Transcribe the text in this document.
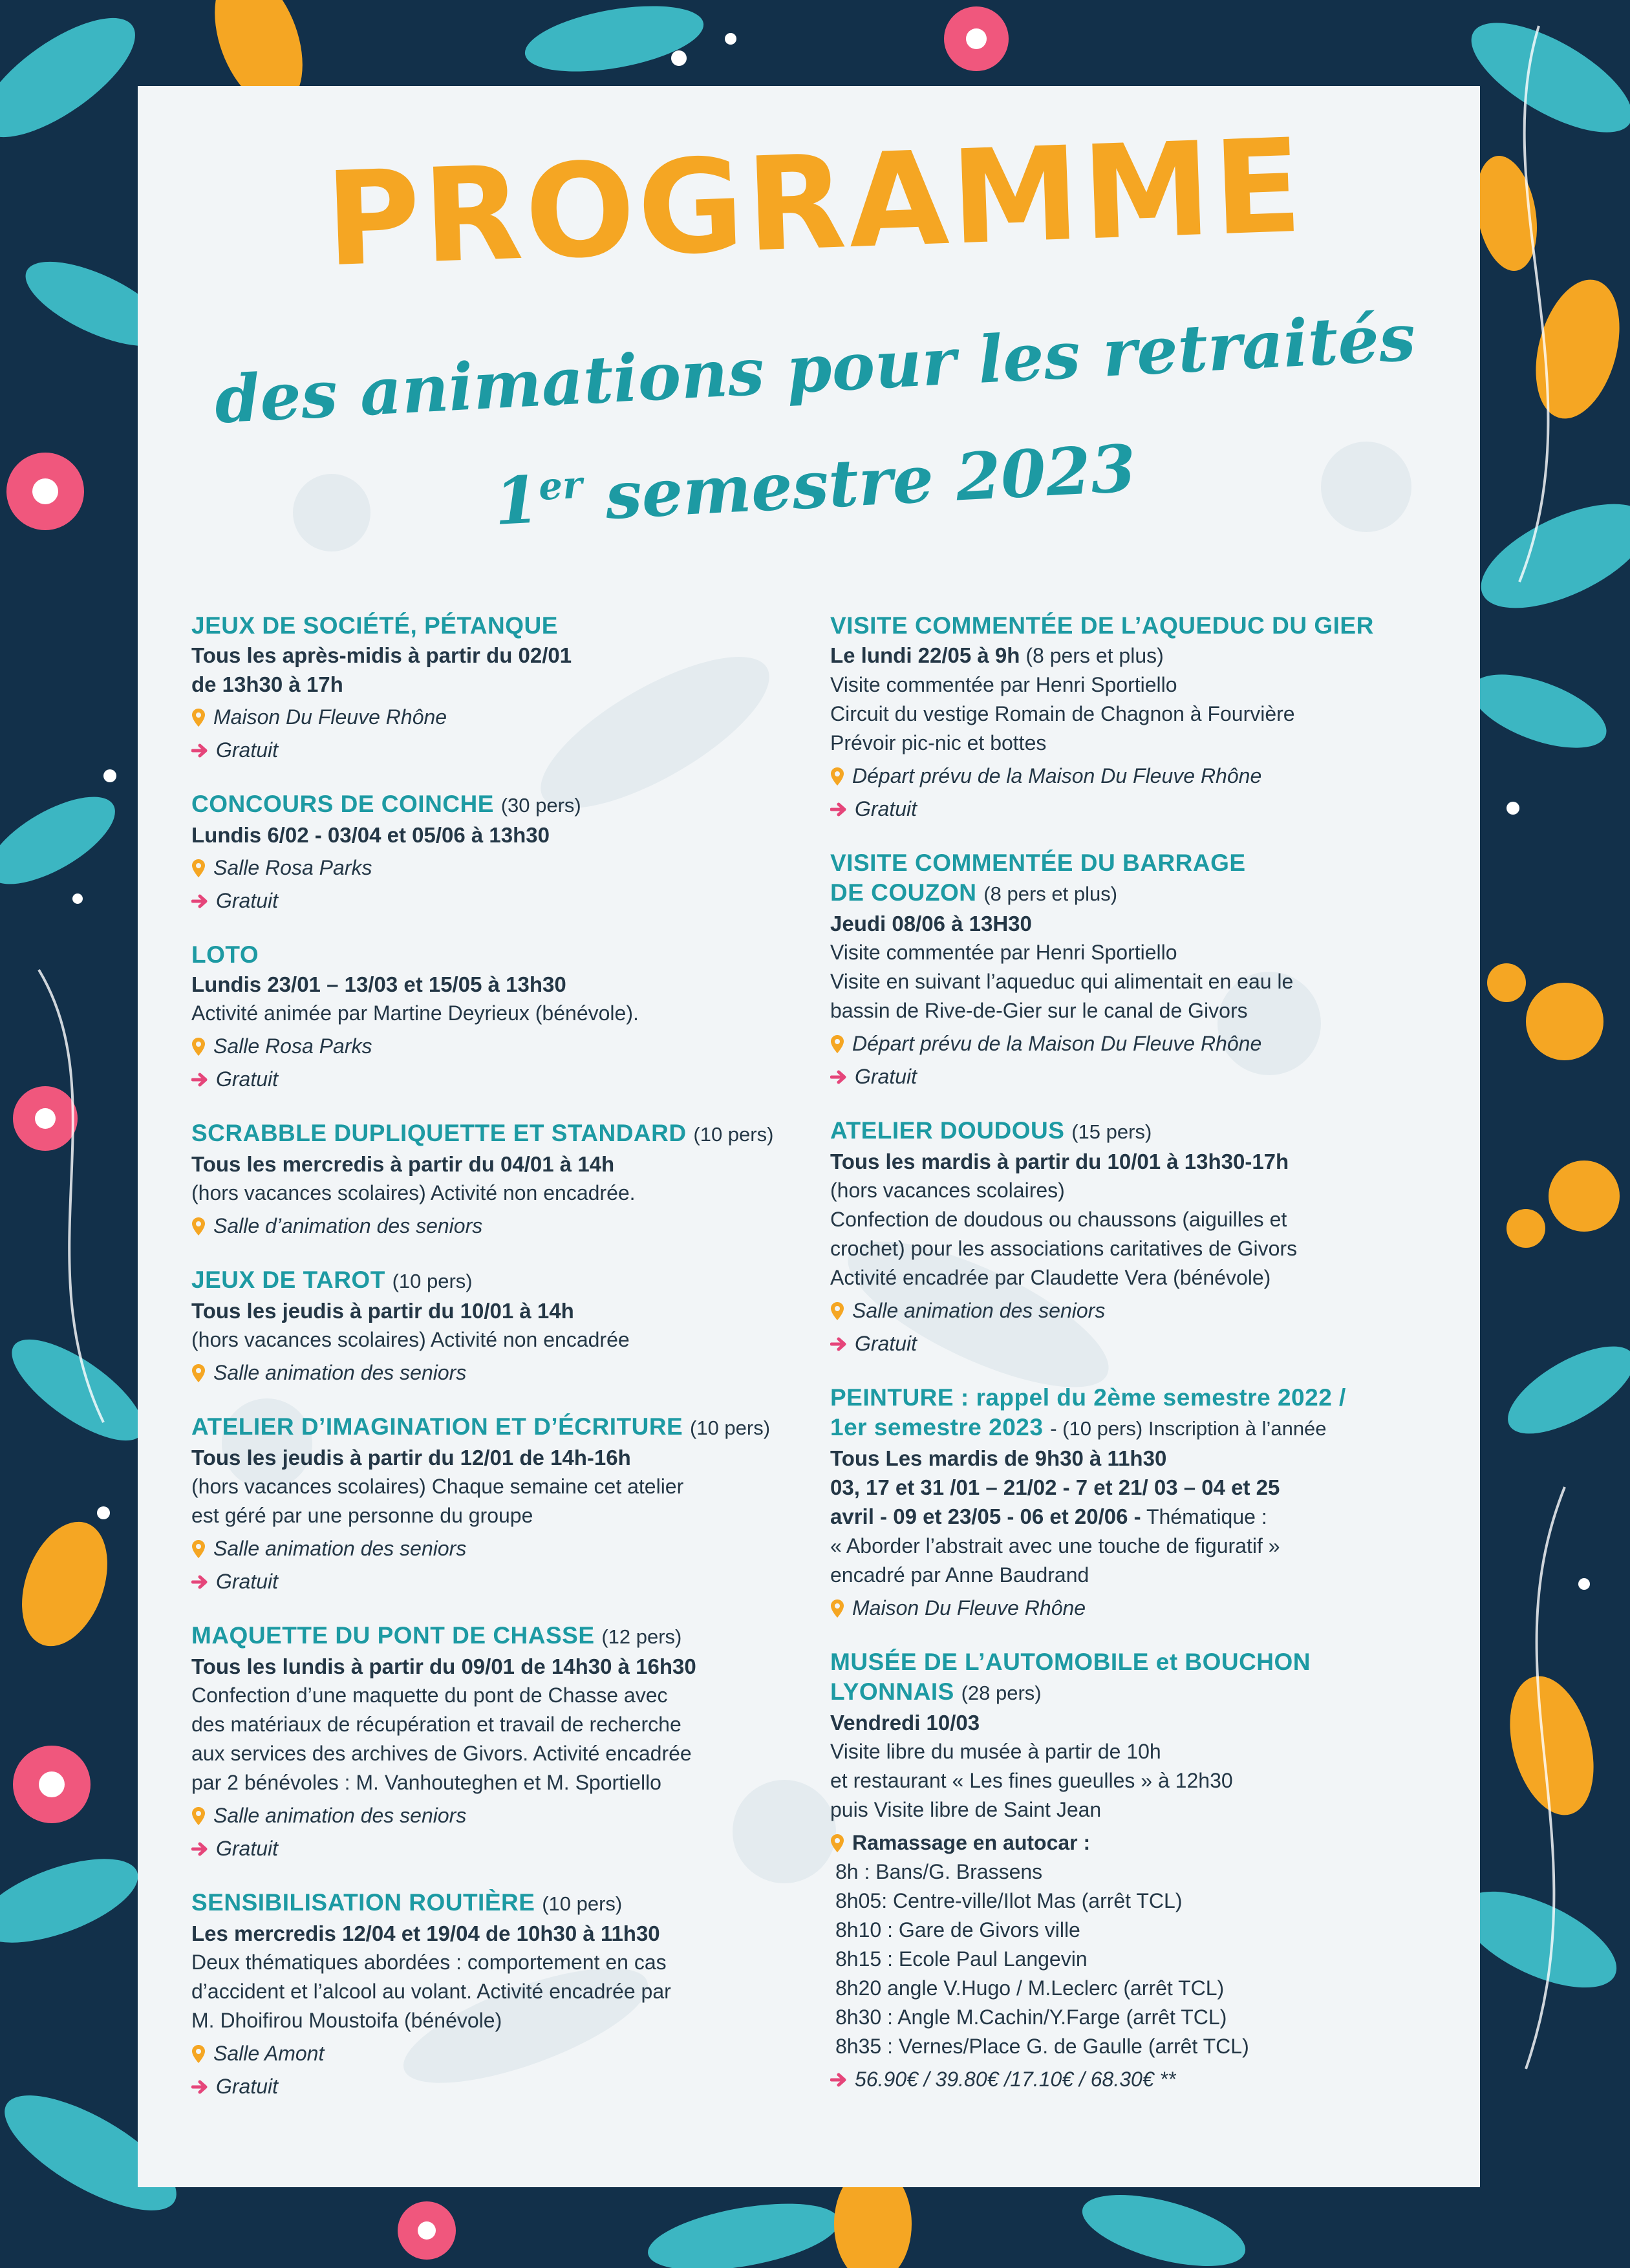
PROGRAMME
des animations pour les retraités
1er semestre 2023
JEUX DE SOCIÉTÉ, PÉTANQUE
Tous les après-midis à partir du 02/01
de 13h30 à 17h
Maison Du Fleuve Rhône
Gratuit
CONCOURS DE COINCHE (30 pers)
Lundis 6/02 - 03/04 et 05/06 à 13h30
Salle Rosa Parks
Gratuit
LOTO
Lundis 23/01 – 13/03 et 15/05 à 13h30
Activité animée par Martine Deyrieux (bénévole).
Salle Rosa Parks
Gratuit
SCRABBLE DUPLIQUETTE ET STANDARD (10 pers)
Tous les mercredis à partir du 04/01 à 14h
(hors vacances scolaires) Activité non encadrée.
Salle d’animation des seniors
JEUX DE TAROT (10 pers)
Tous les jeudis à partir du 10/01 à 14h
(hors vacances scolaires) Activité non encadrée
Salle animation des seniors
ATELIER D’IMAGINATION ET D’ÉCRITURE (10 pers)
Tous les jeudis à partir du 12/01 de 14h-16h
(hors vacances scolaires) Chaque semaine cet atelier
est géré par une personne du groupe
Salle animation des seniors
Gratuit
MAQUETTE DU PONT DE CHASSE (12 pers)
Tous les lundis à partir du 09/01 de 14h30 à 16h30
Confection d’une maquette du pont de Chasse avec
des matériaux de récupération et travail de recherche
aux services des archives de Givors. Activité encadrée
par 2 bénévoles : M. Vanhouteghen et M. Sportiello
Salle animation des seniors
Gratuit
SENSIBILISATION ROUTIÈRE (10 pers)
Les mercredis 12/04 et 19/04 de 10h30 à 11h30
Deux thématiques abordées : comportement en cas
d’accident et l’alcool au volant. Activité encadrée par
M. Dhoifirou Moustoifa (bénévole)
Salle Amont
Gratuit
VISITE COMMENTÉE DE L’AQUEDUC DU GIER
Le lundi 22/05 à 9h (8 pers et plus)
Visite commentée par Henri Sportiello
Circuit du vestige Romain de Chagnon à Fourvière
Prévoir pic-nic et bottes
Départ prévu de la Maison Du Fleuve Rhône
Gratuit
VISITE COMMENTÉE DU BARRAGE
DE COUZON (8 pers et plus)
Jeudi 08/06 à 13H30
Visite commentée par Henri Sportiello
Visite en suivant l’aqueduc qui alimentait en eau le
bassin de Rive-de-Gier sur le canal de Givors
Départ prévu de la Maison Du Fleuve Rhône
Gratuit
ATELIER DOUDOUS (15 pers)
Tous les mardis à partir du 10/01 à 13h30-17h
(hors vacances scolaires)
Confection de doudous ou chaussons (aiguilles et
crochet) pour les associations caritatives de Givors
Activité encadrée par Claudette Vera (bénévole)
Salle animation des seniors
Gratuit
PEINTURE : rappel du 2ème semestre 2022 /
1er semestre 2023 - (10 pers) Inscription à l’année
Tous Les mardis de 9h30 à 11h30
03, 17 et 31 /01 – 21/02 - 7 et 21/ 03 – 04 et 25
avril - 09 et 23/05 - 06 et 20/06 - Thématique :
« Aborder l’abstrait avec une touche de figuratif »
encadré par Anne Baudrand
Maison Du Fleuve Rhône
MUSÉE DE L’AUTOMOBILE et BOUCHON
LYONNAIS (28 pers)
Vendredi 10/03
Visite libre du musée à partir de 10h
et restaurant « Les fines gueulles » à 12h30
puis Visite libre de Saint Jean
Ramassage en autocar :
8h : Bans/G. Brassens
8h05: Centre-ville/Ilot Mas (arrêt TCL)
8h10 : Gare de Givors ville
8h15 : Ecole Paul Langevin
8h20 angle V.Hugo / M.Leclerc (arrêt TCL)
8h30 : Angle M.Cachin/Y.Farge (arrêt TCL)
8h35 : Vernes/Place G. de Gaulle (arrêt TCL)
56.90€ / 39.80€ /17.10€ / 68.30€ **
